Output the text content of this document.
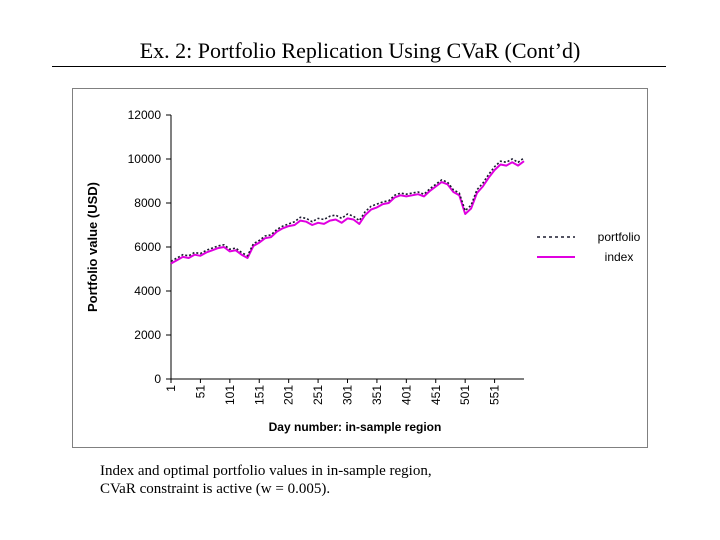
Ex. 2: Portfolio Replication Using CVaR (Cont’d)
0
2000
4000
6000
8000
10000
12000
1 51 101 151 201 251 301 351 401 451 501 551
Portfolio value (USD)
Day number: in-sample region
portfolio
index
Index and optimal portfolio values in in-sample region,
CVaR constraint is active (w = 0.005).
